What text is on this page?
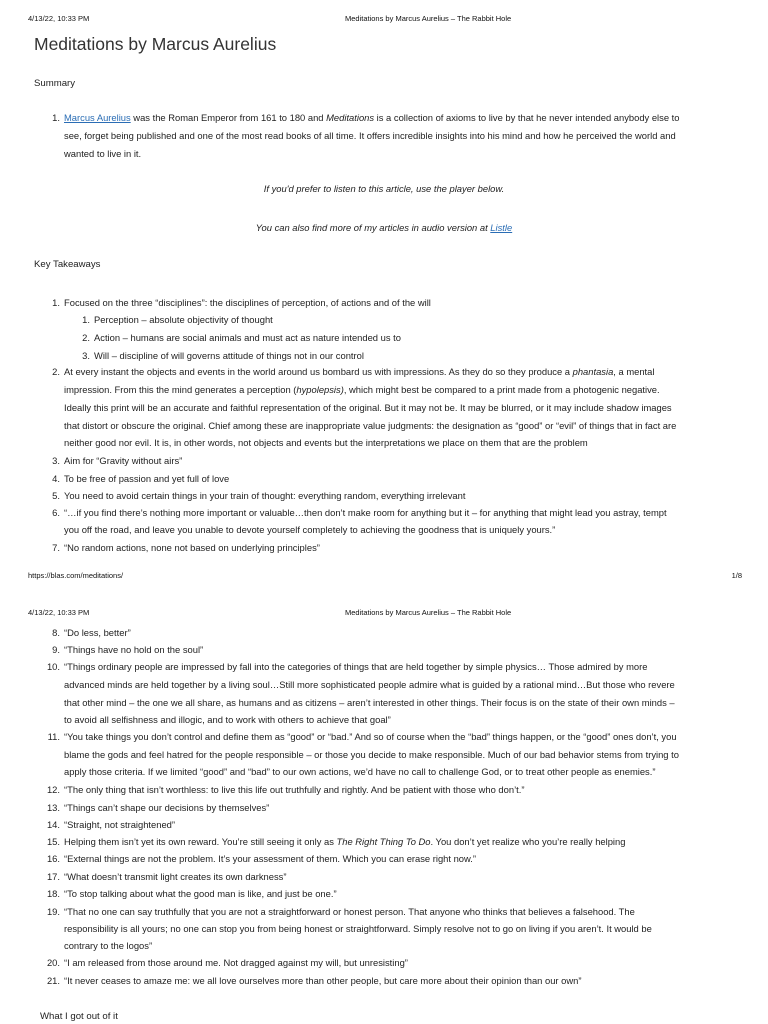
4/13/22, 10:33 PM	Meditations by Marcus Aurelius – The Rabbit Hole
Meditations by Marcus Aurelius
Summary
1. Marcus Aurelius was the Roman Emperor from 161 to 180 and Meditations is a collection of axioms to live by that he never intended anybody else to
see, forget being published and one of the most read books of all time. It offers incredible insights into his mind and how he perceived the world and
wanted to live in it.
If you'd prefer to listen to this article, use the player below.
You can also find more of my articles in audio version at Listle
Key Takeaways
1. Focused on the three “disciplines”: the disciplines of perception, of actions and of the will
1. Perception – absolute objectivity of thought
2. Action – humans are social animals and must act as nature intended us to
3. Will – discipline of will governs attitude of things not in our control
2. At every instant the objects and events in the world around us bombard us with impressions. As they do so they produce a phantasia, a mental
impression. From this the mind generates a perception (hypolepsis), which might best be compared to a print made from a photogenic negative.
Ideally this print will be an accurate and faithful representation of the original. But it may not be. It may be blurred, or it may include shadow images
that distort or obscure the original. Chief among these are inappropriate value judgments: the designation as “good” or “evil” of things that in fact are
neither good nor evil. It is, in other words, not objects and events but the interpretations we place on them that are the problem
3. Aim for “Gravity without airs”
4. To be free of passion and yet full of love
5. You need to avoid certain things in your train of thought: everything random, everything irrelevant
6. “…if you find there’s nothing more important or valuable…then don’t make room for anything but it – for anything that might lead you astray, tempt
you off the road, and leave you unable to devote yourself completely to achieving the goodness that is uniquely yours.”
7. “No random actions, none not based on underlying principles”
https://blas.com/meditations/	1/8
4/13/22, 10:33 PM	Meditations by Marcus Aurelius – The Rabbit Hole
8. “Do less, better”
9. “Things have no hold on the soul”
10. “Things ordinary people are impressed by fall into the categories of things that are held together by simple physics… Those admired by more
advanced minds are held together by a living soul…Still more sophisticated people admire what is guided by a rational mind…But those who revere
that other mind – the one we all share, as humans and as citizens – aren’t interested in other things. Their focus is on the state of their own minds –
to avoid all selfishness and illogic, and to work with others to achieve that goal”
11. “You take things you don’t control and define them as “good” or “bad.” And so of course when the “bad” things happen, or the “good” ones don’t, you
blame the gods and feel hatred for the people responsible – or those you decide to make responsible. Much of our bad behavior stems from trying to
apply those criteria. If we limited “good” and “bad” to our own actions, we’d have no call to challenge God, or to treat other people as enemies.”
12. “The only thing that isn’t worthless: to live this life out truthfully and rightly. And be patient with those who don’t.”
13. “Things can’t shape our decisions by themselves”
14. “Straight, not straightened”
15. Helping them isn’t yet its own reward. You’re still seeing it only as The Right Thing To Do. You don’t yet realize who you’re really helping
16. “External things are not the problem. It’s your assessment of them. Which you can erase right now.”
17. “What doesn’t transmit light creates its own darkness”
18. “To stop talking about what the good man is like, and just be one.”
19. “That no one can say truthfully that you are not a straightforward or honest person. That anyone who thinks that believes a falsehood. The
responsibility is all yours; no one can stop you from being honest or straightforward. Simply resolve not to go on living if you aren’t. It would be
contrary to the logos”
20. “I am released from those around me. Not dragged against my will, but unresisting”
21. “It never ceases to amaze me: we all love ourselves more than other people, but care more about their opinion than our own”
What I got out of it
